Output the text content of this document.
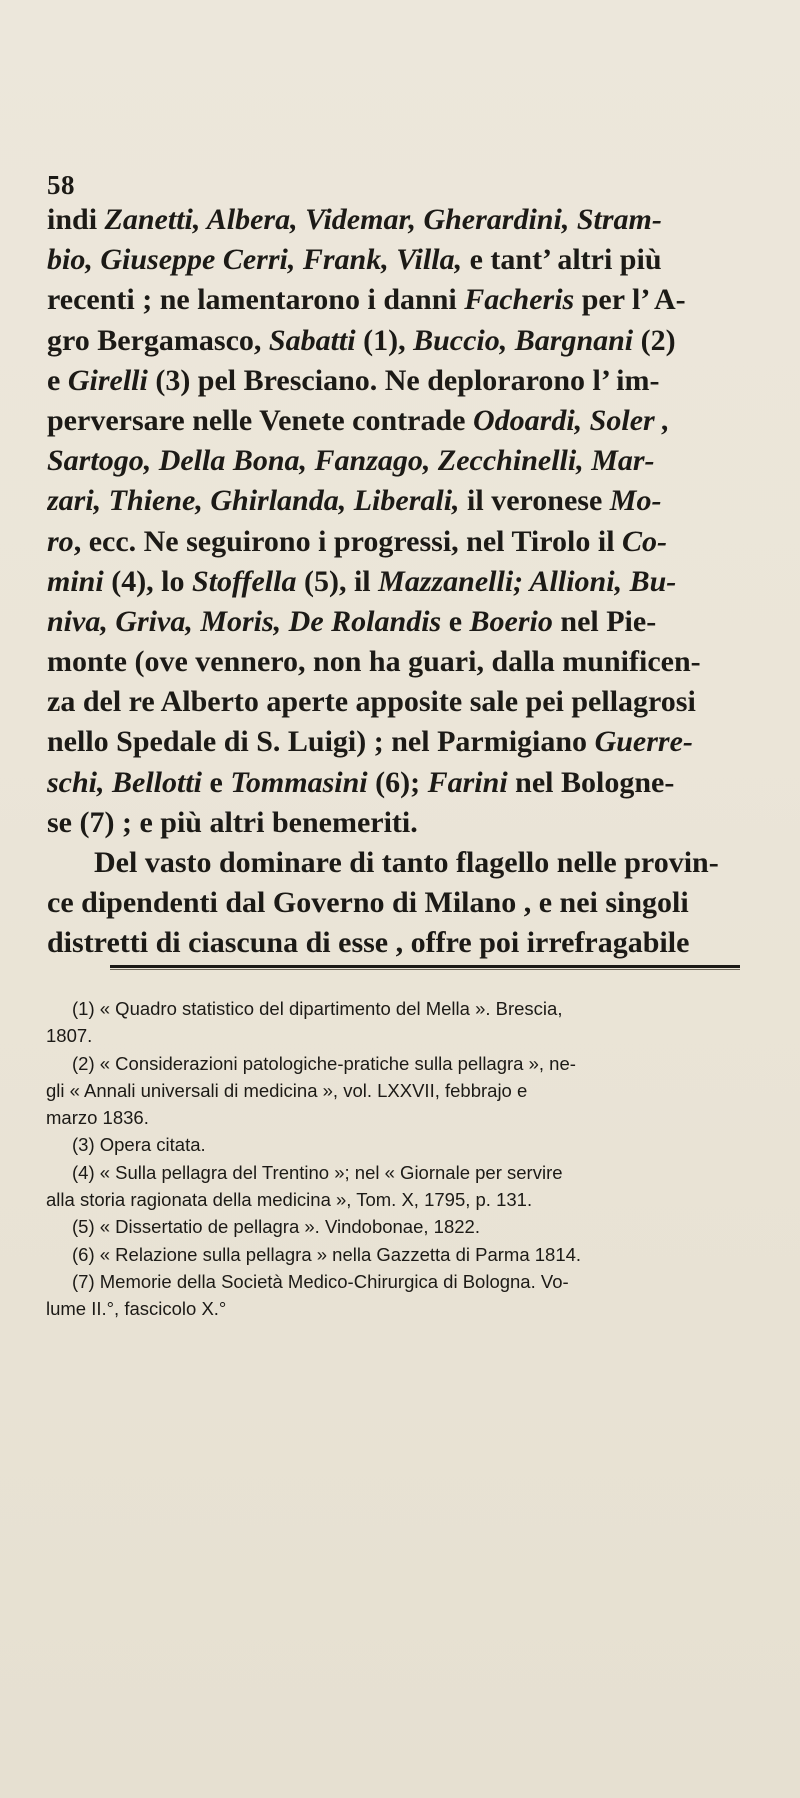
58
indi Zanetti, Albera, Videmar, Gherardini, Stram-
bio, Giuseppe Cerri, Frank, Villa, e tant’ altri più
recenti ; ne lamentarono i danni Facheris per l’ A-
gro Bergamasco, Sabatti (1), Buccio, Bargnani (2)
e Girelli (3) pel Bresciano. Ne deplorarono l’ im-
perversare nelle Venete contrade Odoardi, Soler ,
Sartogo, Della Bona, Fanzago, Zecchinelli, Mar-
zari, Thiene, Ghirlanda, Liberali, il veronese Mo-
ro, ecc. Ne seguirono i progressi, nel Tirolo il Co-
mini (4), lo Stoffella (5), il Mazzanelli; Allioni, Bu-
niva, Griva, Moris, De Rolandis e Boerio nel Pie-
monte (ove vennero, non ha guari, dalla munificen-
za del re Alberto aperte apposite sale pei pellagrosi
nello Spedale di S. Luigi) ; nel Parmigiano Guerre-
schi, Bellotti e Tommasini (6); Farini nel Bologne-
se (7) ; e più altri benemeriti.
Del vasto dominare di tanto flagello nelle provin-
ce dipendenti dal Governo di Milano , e nei singoli
distretti di ciascuna di esse , offre poi irrefragabile
(1) « Quadro statistico del dipartimento del Mella ». Brescia,
1807.
(2) « Considerazioni patologiche-pratiche sulla pellagra », ne-
gli « Annali universali di medicina », vol. LXXVII, febbrajo e
marzo 1836.
(3) Opera citata.
(4) « Sulla pellagra del Trentino »; nel « Giornale per servire
alla storia ragionata della medicina », Tom. X, 1795, p. 131.
(5) « Dissertatio de pellagra ». Vindobonae, 1822.
(6) « Relazione sulla pellagra » nella Gazzetta di Parma 1814.
(7) Memorie della Società Medico-Chirurgica di Bologna. Vo-
lume II.°, fascicolo X.°
